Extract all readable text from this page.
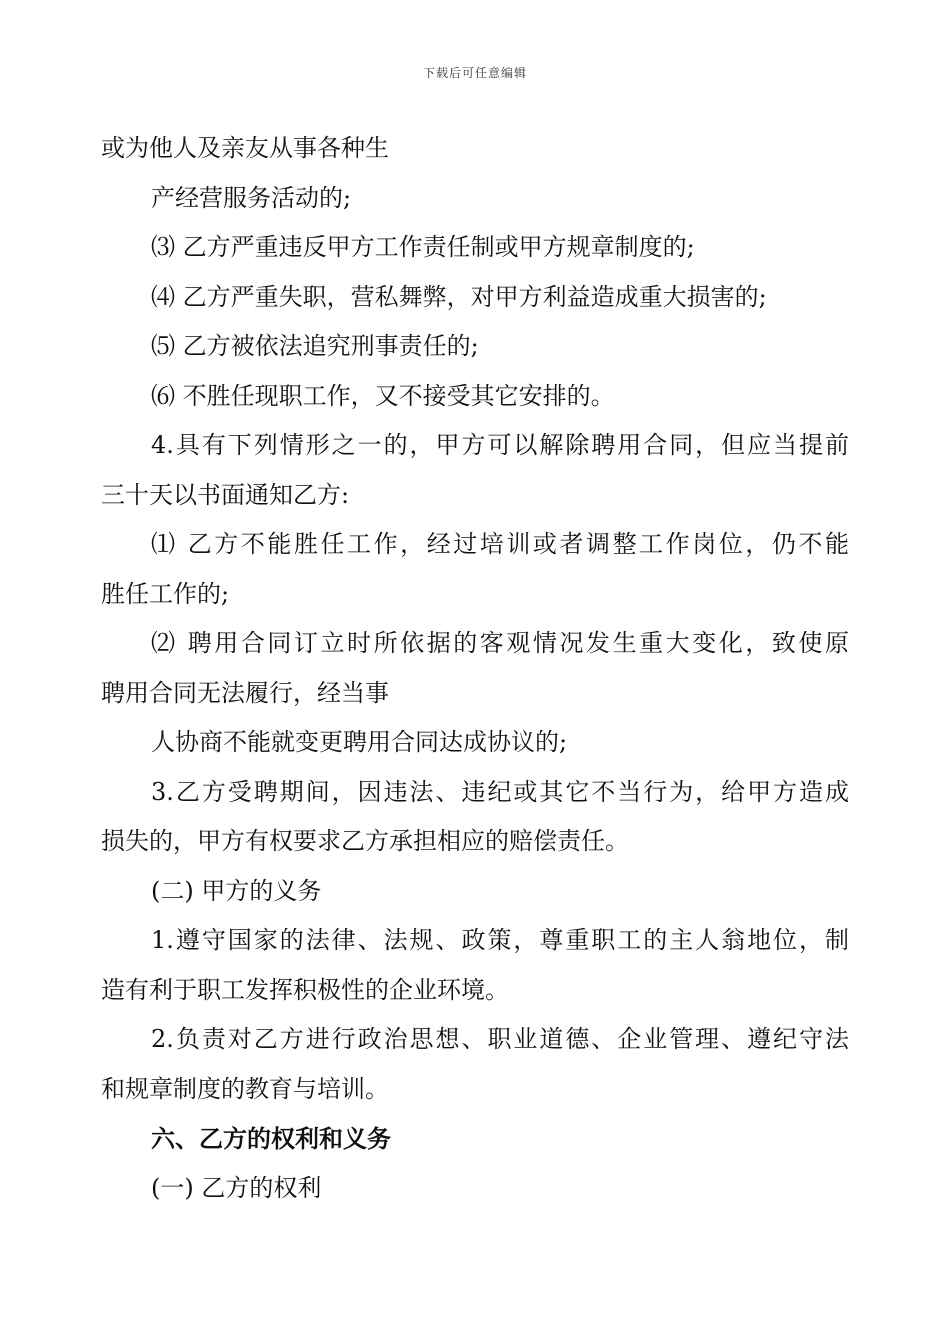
下载后可任意编辑
或为他人及亲友从事各种生
产经营服务活动的;
⑶ 乙方严重违反甲方工作责任制或甲方规章制度的;
⑷ 乙方严重失职，营私舞弊，对甲方利益造成重大损害的;
⑸ 乙方被依法追究刑事责任的;
⑹ 不胜任现职工作，又不接受其它安排的。
4.具有下列情形之一的，甲方可以解除聘用合同，但应当提前
三十天以书面通知乙方:
⑴ 乙方不能胜任工作，经过培训或者调整工作岗位，仍不能
胜任工作的;
⑵ 聘用合同订立时所依据的客观情况发生重大变化，致使原
聘用合同无法履行，经当事
人协商不能就变更聘用合同达成协议的;
3.乙方受聘期间，因违法、违纪或其它不当行为，给甲方造成
损失的，甲方有权要求乙方承担相应的赔偿责任。
(二) 甲方的义务
1.遵守国家的法律、法规、政策，尊重职工的主人翁地位，制
造有利于职工发挥积极性的企业环境。
2.负责对乙方进行政治思想、职业道德、企业管理、遵纪守法
和规章制度的教育与培训。
六、乙方的权利和义务
(一) 乙方的权利
